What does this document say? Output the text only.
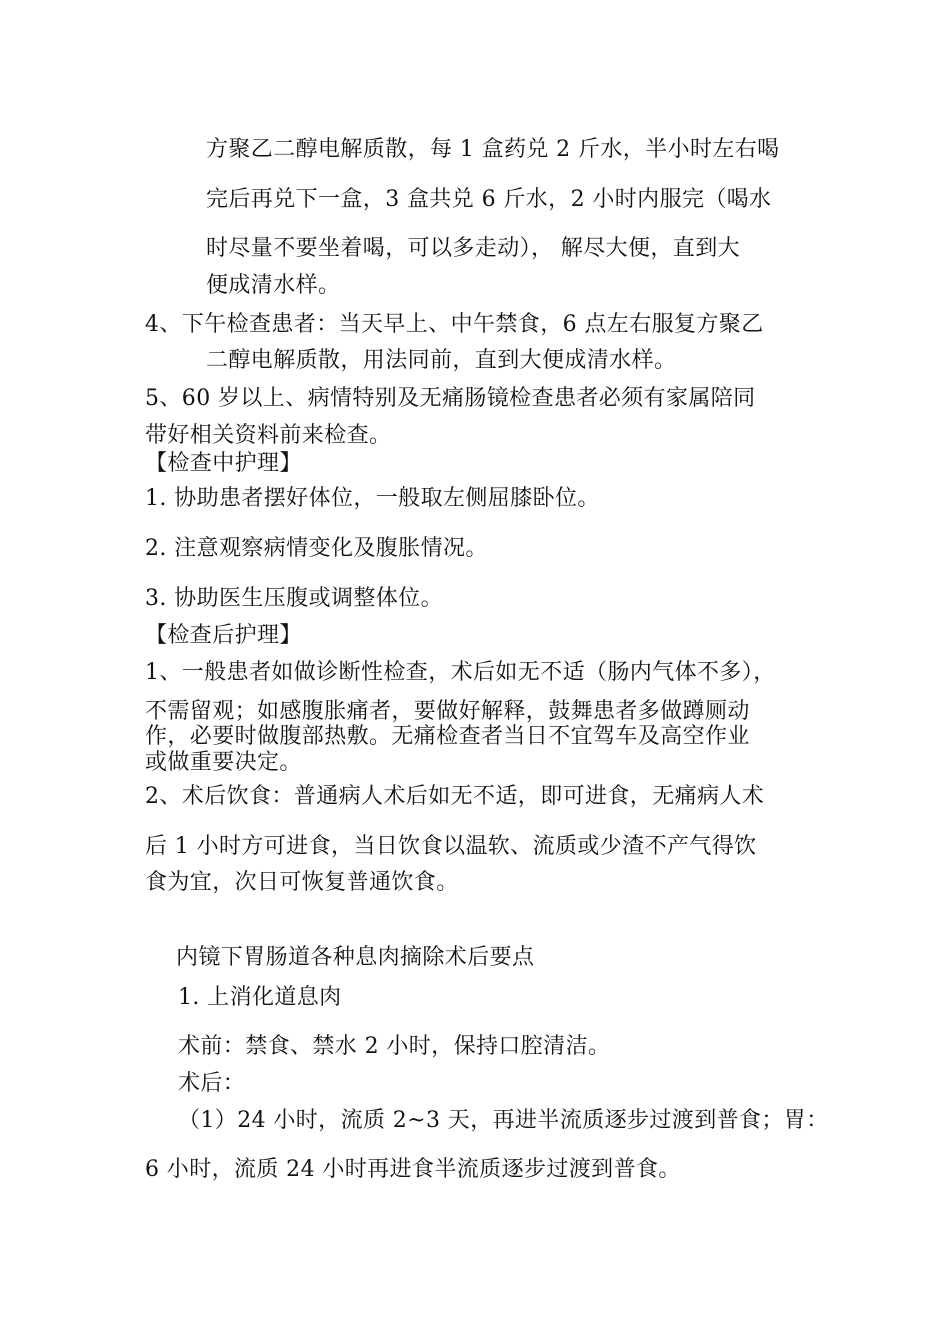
方聚乙二醇电解质散，每 1 盒药兑 2 斤水，半小时左右喝
完后再兑下一盒，3 盒共兑 6 斤水，2 小时内服完（喝水
时尽量不要坐着喝，可以多走动）， 解尽大便，直到大
便成清水样。
4、下午检查患者：当天早上、中午禁食，6 点左右服复方聚乙
二醇电解质散，用法同前，直到大便成清水样。
5、60 岁以上、病情特别及无痛肠镜检查患者必须有家属陪同
带好相关资料前来检查。
【检查中护理】
1. 协助患者摆好体位，一般取左侧屈膝卧位。
2. 注意观察病情变化及腹胀情况。
3. 协助医生压腹或调整体位。
【检查后护理】
1、一般患者如做诊断性检查，术后如无不适（肠内气体不多），
不需留观；如感腹胀痛者，要做好解释，鼓舞患者多做蹲厕动
作，必要时做腹部热敷。无痛检查者当日不宜驾车及高空作业
或做重要决定。
2、术后饮食：普通病人术后如无不适，即可进食，无痛病人术
后 1 小时方可进食，当日饮食以温软、流质或少渣不产气得饮
食为宜，次日可恢复普通饮食。
内镜下胃肠道各种息肉摘除术后要点
1. 上消化道息肉
术前：禁食、禁水 2 小时，保持口腔清洁。
术后：
（1）24 小时，流质 2~3 天，再进半流质逐步过渡到普食；胃：
6 小时，流质 24 小时再进食半流质逐步过渡到普食。
